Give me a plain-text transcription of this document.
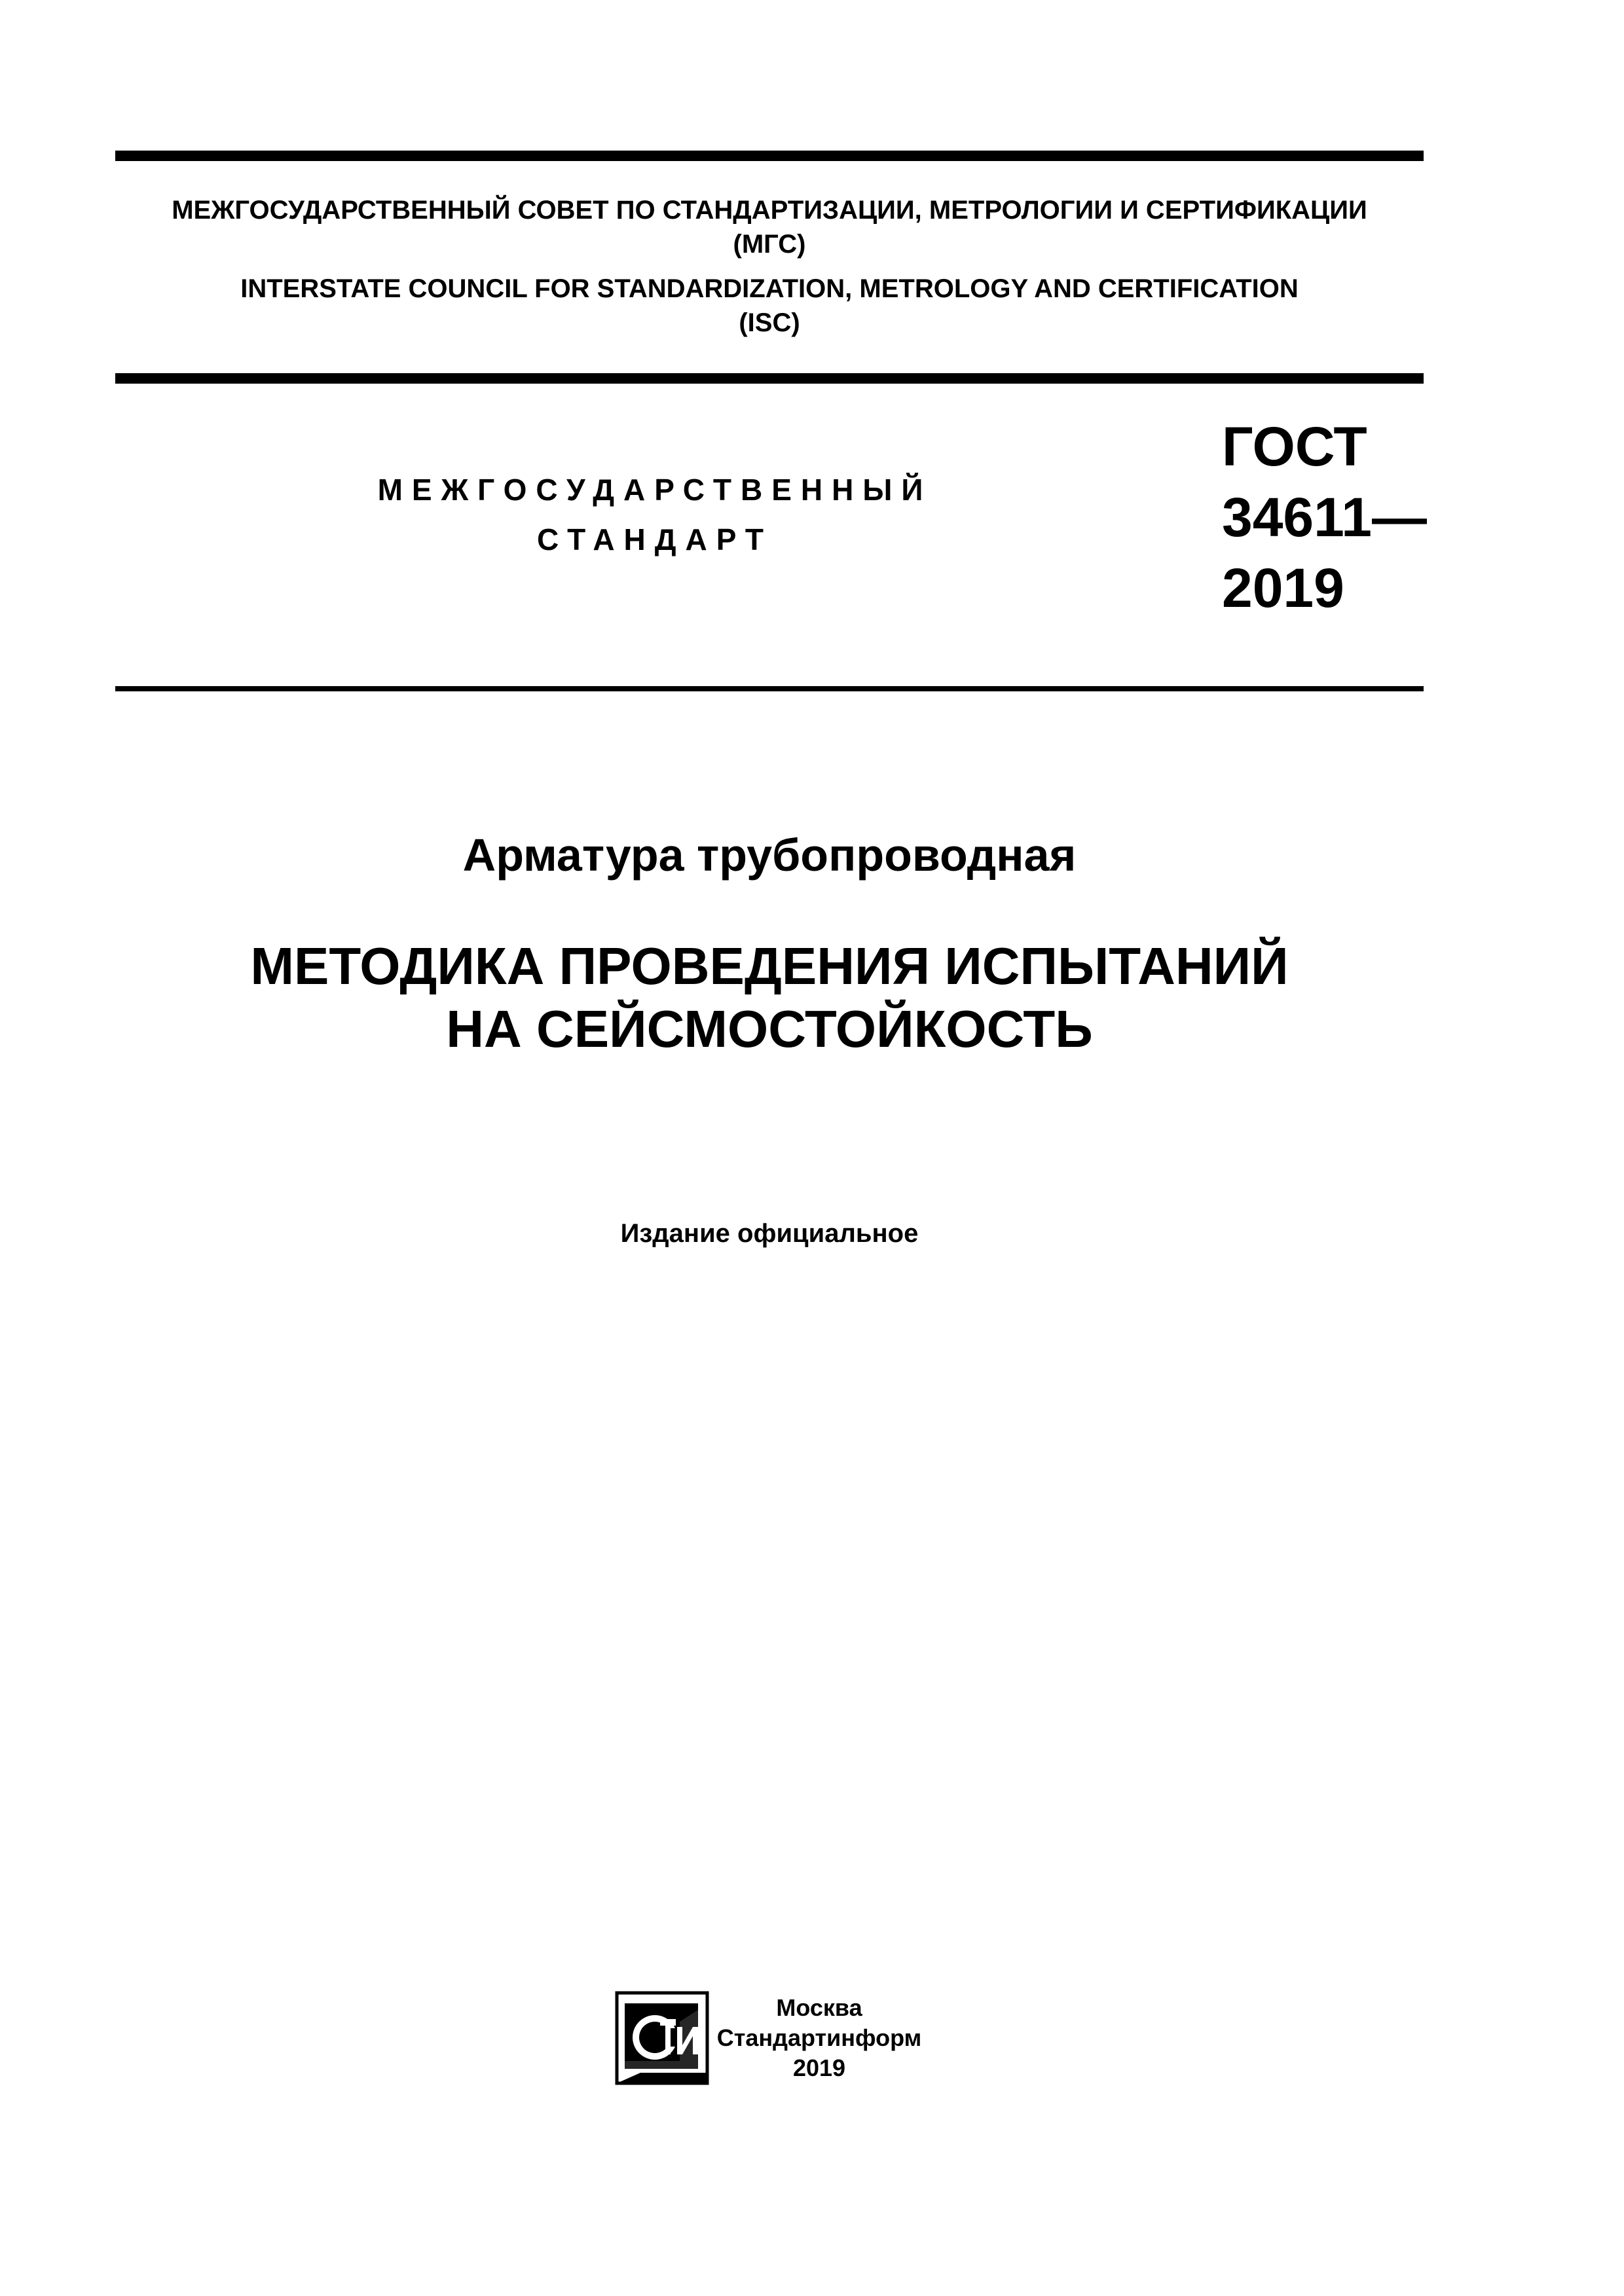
МЕЖГОСУДАРСТВЕННЫЙ СОВЕТ ПО СТАНДАРТИЗАЦИИ, МЕТРОЛОГИИ И СЕРТИФИКАЦИИ
(МГС)
INTERSTATE COUNCIL FOR STANDARDIZATION, METROLOGY AND CERTIFICATION
(ISC)
МЕЖГОСУДАРСТВЕННЫЙ
СТАНДАРТ
ГОСТ
34611—
2019
Арматура трубопроводная
МЕТОДИКА ПРОВЕДЕНИЯ ИСПЫТАНИЙ
НА СЕЙСМОСТОЙКОСТЬ
Издание официальное
Москва
Стандартинформ
2019
